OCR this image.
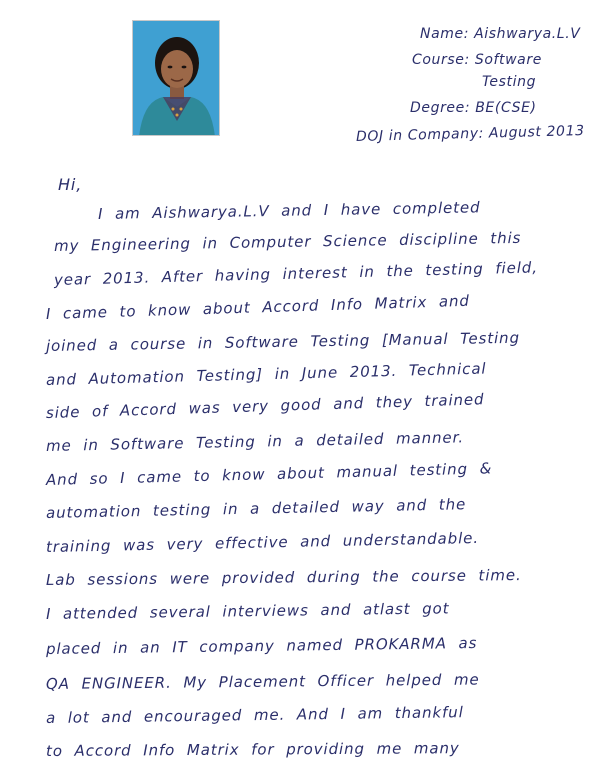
Name: Aishwarya.L.V
Course: Software
Testing
Degree: BE(CSE)
DOJ in Company: August 2013
Hi,
I am Aishwarya.L.V and I have completed
my Engineering in Computer Science discipline this
year 2013. After having interest in the testing field,
I came to know about Accord Info Matrix and
joined a course in Software Testing [Manual Testing
and Automation Testing] in June 2013. Technical
side of Accord was very good and they trained
me in Software Testing in a detailed manner.
And so I came to know about manual testing &
automation testing in a detailed way and the
training was very effective and understandable.
Lab sessions were provided during the course time.
I attended several interviews and atlast got
placed in an IT company named PROKARMA as
QA ENGINEER. My Placement Officer helped me
a lot and encouraged me. And I am thankful
to Accord Info Matrix for providing me many
